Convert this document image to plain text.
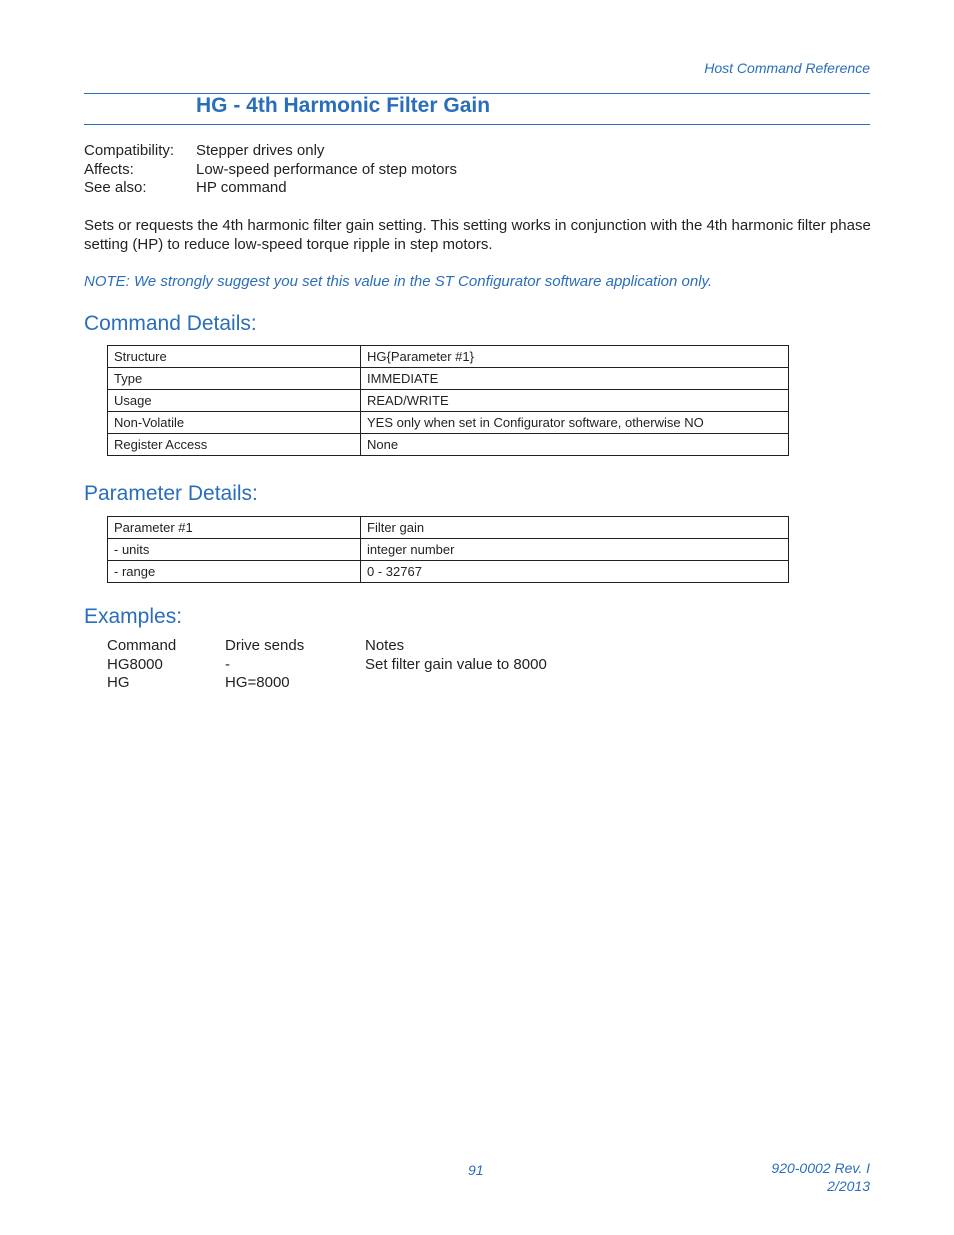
Host Command Reference
HG - 4th Harmonic Filter Gain
Compatibility:	Stepper drives only
Affects:	Low-speed performance of step motors
See also:	HP command
Sets or requests the 4th harmonic filter gain setting. This setting works in conjunction with the 4th harmonic filter phase setting (HP) to reduce low-speed torque ripple in step motors.
NOTE: We strongly suggest you set this value in the ST Configurator software application only.
Command Details:
Structure	HG{Parameter #1}
Type	IMMEDIATE
Usage	READ/WRITE
Non-Volatile	YES only when set in Configurator software, otherwise NO
Register Access	None
Parameter Details:
Parameter #1	Filter gain
- units	integer number
- range	0 - 32767
Examples:
Command	Drive sends	Notes
HG8000	-	Set filter gain value to 8000
HG	HG=8000
91	920-0002 Rev. I
2/2013
